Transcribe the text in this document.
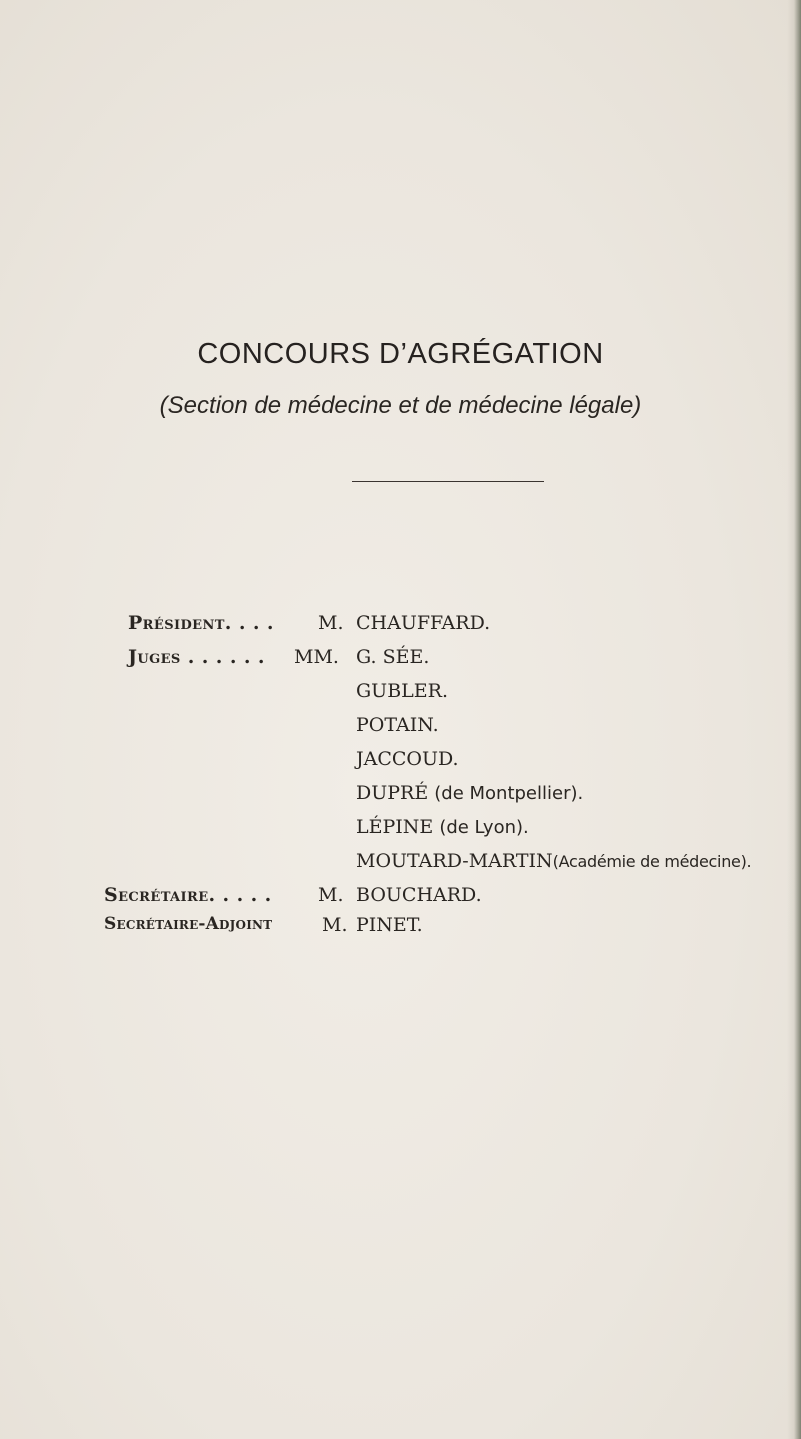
CONCOURS D’AGRÉGATION

(Section de médecine et de médecine légale)

Président. . . . M. CHAUFFARD.
Juges . . . . . . MM. G. SÉE.
GUBLER.
POTAIN.
JACCOUD.
DUPRÉ (de Montpellier).
LÉPINE (de Lyon).
MOUTARD-MARTIN(Académie de médecine).
Secrétaire. . . . . M. BOUCHARD.
Secrétaire-Adjoint	M. PINET.
